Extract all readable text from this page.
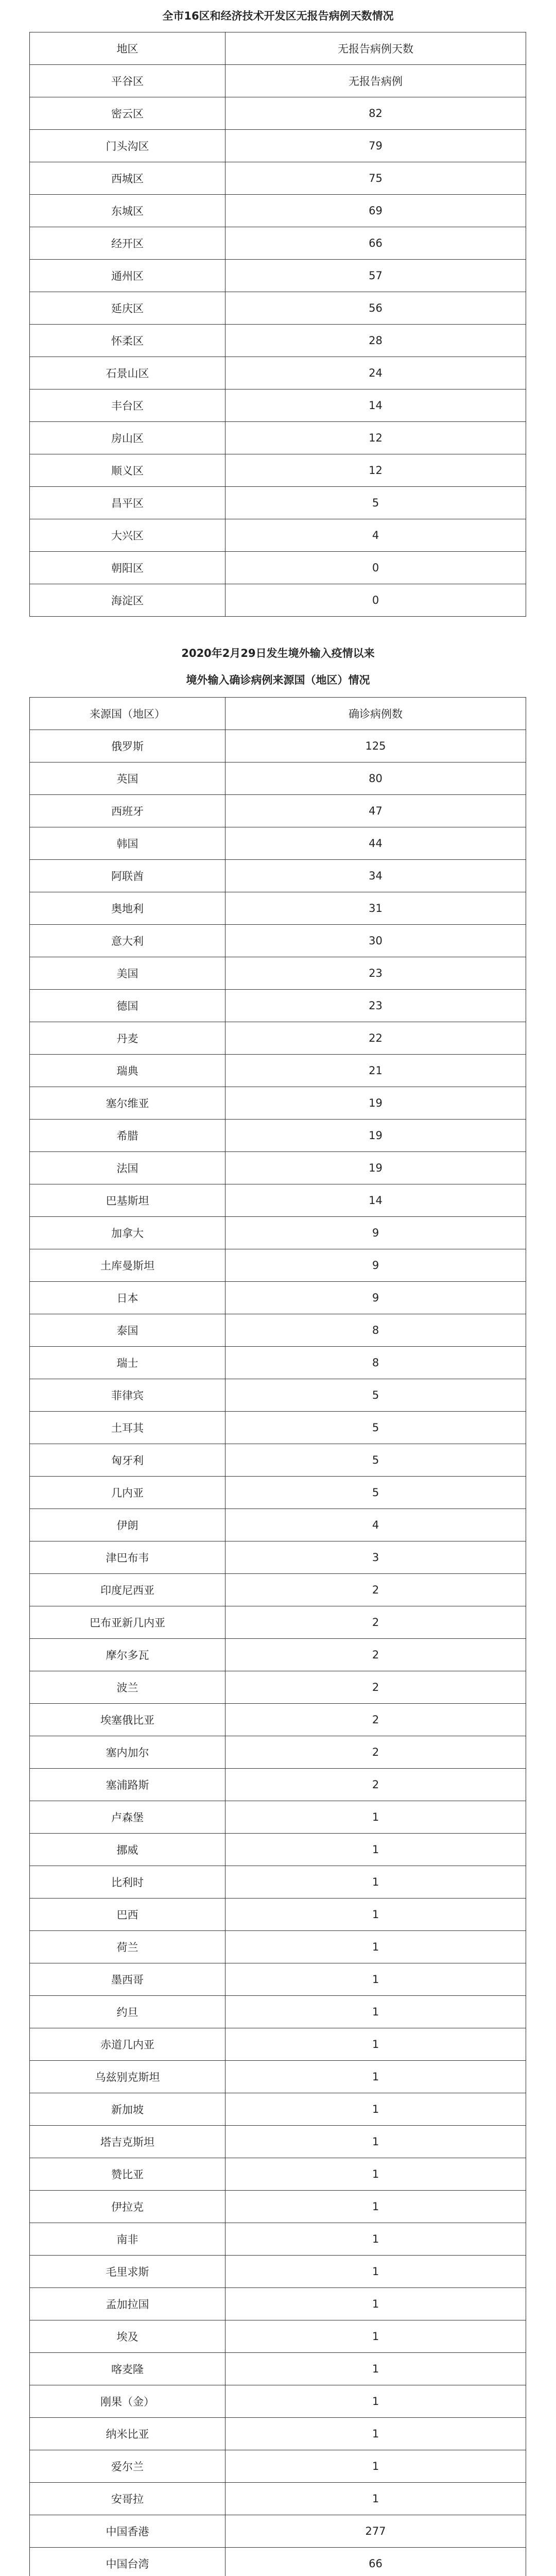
全市16区和经济技术开发区无报告病例天数情况
地区	无报告病例天数
平谷区	无报告病例
密云区	82
门头沟区	79
西城区	75
东城区	69
经开区	66
通州区	57
延庆区	56
怀柔区	28
石景山区	24
丰台区	14
房山区	12
顺义区	12
昌平区	5
大兴区	4
朝阳区	0
海淀区	0
2020年2月29日发生境外输入疫情以来
境外输入确诊病例来源国（地区）情况
来源国（地区）	确诊病例数
俄罗斯	125
英国	80
西班牙	47
韩国	44
阿联酋	34
奥地利	31
意大利	30
美国	23
德国	23
丹麦	22
瑞典	21
塞尔维亚	19
希腊	19
法国	19
巴基斯坦	14
加拿大	9
土库曼斯坦	9
日本	9
泰国	8
瑞士	8
菲律宾	5
土耳其	5
匈牙利	5
几内亚	5
伊朗	4
津巴布韦	3
印度尼西亚	2
巴布亚新几内亚	2
摩尔多瓦	2
波兰	2
埃塞俄比亚	2
塞内加尔	2
塞浦路斯	2
卢森堡	1
挪威	1
比利时	1
巴西	1
荷兰	1
墨西哥	1
约旦	1
赤道几内亚	1
乌兹别克斯坦	1
新加坡	1
塔吉克斯坦	1
赞比亚	1
伊拉克	1
南非	1
毛里求斯	1
孟加拉国	1
埃及	1
喀麦隆	1
刚果（金）	1
纳米比亚	1
爱尔兰	1
安哥拉	1
中国香港	277
中国台湾	66
